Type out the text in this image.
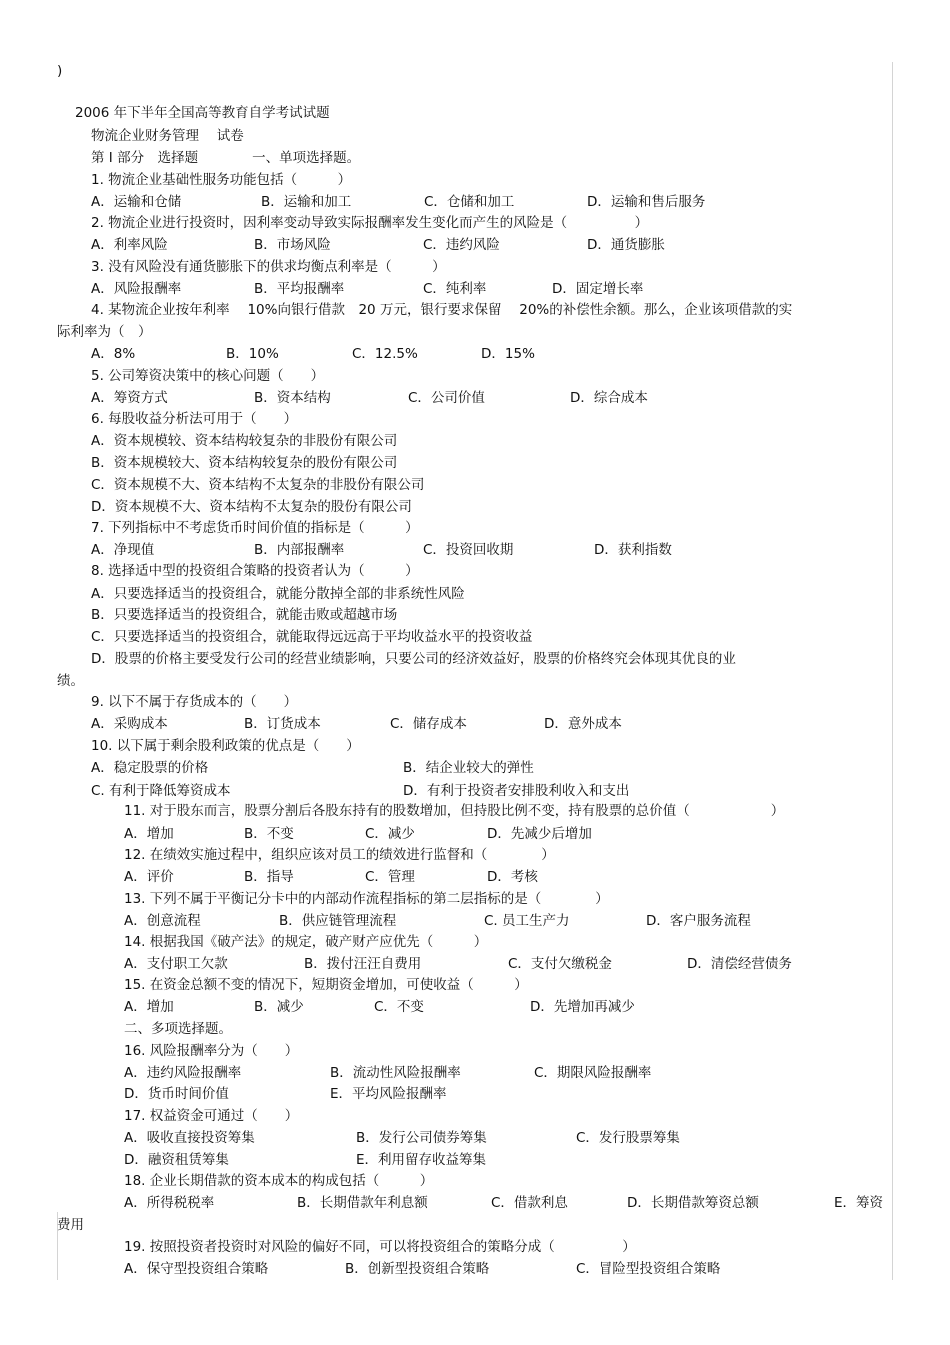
)
2006 年下半年全国高等教育自学考试试题
物流企业财务管理　 试卷
第 I 部分　选择题　　　　一、单项选择题。
1. 物流企业基础性服务功能包括（　　　）
A．运输和仓储	B．运输和加工	C．仓储和加工	D．运输和售后服务
2. 物流企业进行投资时，因利率变动导致实际报酬率发生变化而产生的风险是（　　　　　）
A．利率风险	B．市场风险	C．违约风险	D．通货膨胀
3. 没有风险没有通货膨胀下的供求均衡点利率是（　　　）
A．风险报酬率	B．平均报酬率	C．纯利率	D．固定增长率
4. 某物流企业按年利率　 10%向银行借款　20 万元，银行要求保留　 20%的补偿性余额。那么，企业该项借款的实
际利率为（　）
A．8%	B．10%	C．12.5%	D．15%
5. 公司筹资决策中的核心问题（　　）
A．筹资方式	B．资本结构	C．公司价值	D．综合成本
6. 每股收益分析法可用于（　　）
A．资本规模较、资本结构较复杂的非股份有限公司
B．资本规模较大、资本结构较复杂的股份有限公司
C．资本规模不大、资本结构不太复杂的非股份有限公司
D．资本规模不大、资本结构不太复杂的股份有限公司
7. 下列指标中不考虑货币时间价值的指标是（　　　）
A．净现值	B．内部报酬率	C．投资回收期	D．获利指数
8. 选择适中型的投资组合策略的投资者认为（　　　）
A．只要选择适当的投资组合，就能分散掉全部的非系统性风险
B．只要选择适当的投资组合，就能击败或超越市场
C．只要选择适当的投资组合，就能取得远远高于平均收益水平的投资收益
D．股票的价格主要受发行公司的经营业绩影响，只要公司的经济效益好，股票的价格终究会体现其优良的业
绩。
9. 以下不属于存货成本的（　　）
A．采购成本	B．订货成本	C．储存成本	D．意外成本
10. 以下属于剩余股利政策的优点是（　　）
A．稳定股票的价格	B．结企业较大的弹性
C. 有利于降低筹资成本	D．有利于投资者安排股利收入和支出
11. 对于股东而言，股票分割后各股东持有的股数增加，但持股比例不变，持有股票的总价值（　　　　　　）
A．增加	B．不变	C．减少	D．先减少后增加
12. 在绩效实施过程中，组织应该对员工的绩效进行监督和（　　　　）
A．评价	B．指导	C．管理	D．考核
13. 下列不属于平衡记分卡中的内部动作流程指标的第二层指标的是（　　　　）
A．创意流程	B．供应链管理流程	C. 员工生产力	D．客户服务流程
14. 根据我国《破产法》的规定，破产财产应优先（　　　）
A．支付职工欠款	B．拨付汪汪自费用	C．支付欠缴税金	D．清偿经营债务
15. 在资金总额不变的情况下，短期资金增加，可使收益（　　　）
A．增加	B．减少	C．不变	D．先增加再减少
二、多项选择题。
16. 风险报酬率分为（　　）
A．违约风险报酬率	B．流动性风险报酬率	C．期限风险报酬率
D．货币时间价值	E．平均风险报酬率
17. 权益资金可通过（　　）
A．吸收直接投资筹集	B．发行公司债券筹集	C．发行股票筹集
D．融资租赁筹集	E．利用留存收益筹集
18. 企业长期借款的资本成本的构成包括（　　　）
A．所得税税率	B．长期借款年利息额	C．借款利息	D．长期借款筹资总额	E．筹资
费用
19. 按照投资者投资时对风险的偏好不同，可以将投资组合的策略分成（　　　　　）
A．保守型投资组合策略	B．创新型投资组合策略	C．冒险型投资组合策略
